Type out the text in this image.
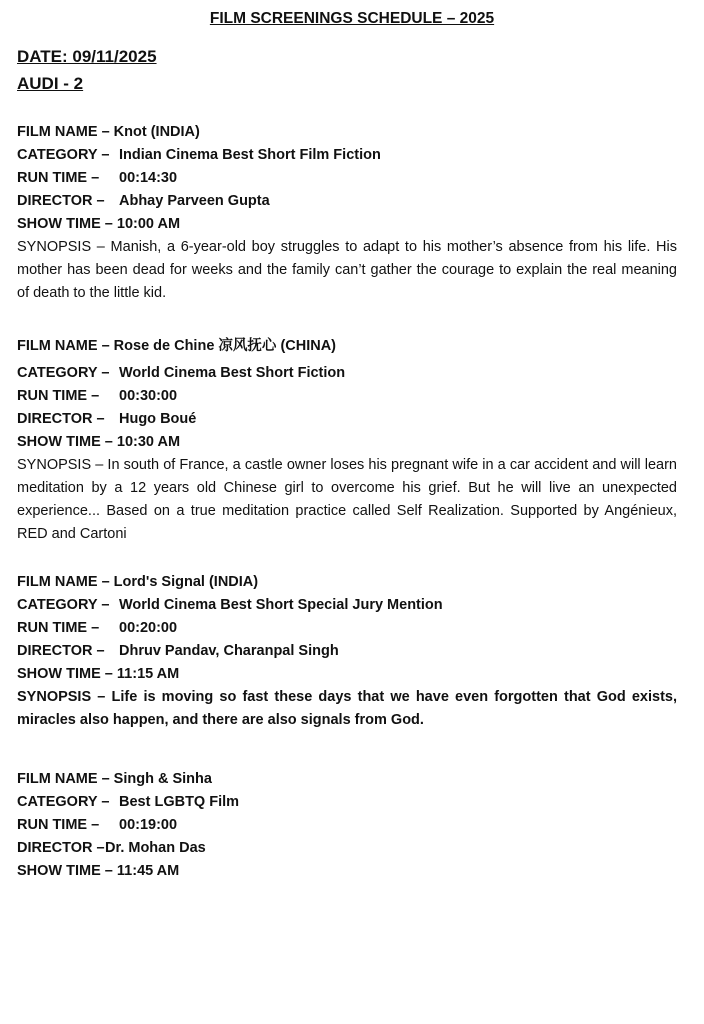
FILM SCREENINGS SCHEDULE – 2025
DATE: 09/11/2025
AUDI - 2
FILM NAME – Knot (INDIA)
CATEGORY – Indian Cinema Best Short Film Fiction
RUN TIME – 00:14:30
DIRECTOR – Abhay Parveen Gupta
SHOW TIME – 10:00 AM
SYNOPSIS – Manish, a 6-year-old boy struggles to adapt to his mother’s absence from his life. His mother has been dead for weeks and the family can’t gather the courage to explain the real meaning of death to the little kid.
FILM NAME – Rose de Chine 凉风抚心 (CHINA)
CATEGORY – World Cinema Best Short Fiction
RUN TIME – 00:30:00
DIRECTOR – Hugo Boué
SHOW TIME – 10:30 AM
SYNOPSIS – In south of France, a castle owner loses his pregnant wife in a car accident and will learn meditation by a 12 years old Chinese girl to overcome his grief. But he will live an unexpected experience... Based on a true meditation practice called Self Realization. Supported by Angénieux, RED and Cartoni
FILM NAME – Lord's Signal (INDIA)
CATEGORY – World Cinema Best Short Special Jury Mention
RUN TIME – 00:20:00
DIRECTOR – Dhruv Pandav, Charanpal Singh
SHOW TIME – 11:15 AM
SYNOPSIS – Life is moving so fast these days that we have even forgotten that God exists, miracles also happen, and there are also signals from God.
FILM NAME – Singh & Sinha
CATEGORY – Best LGBTQ Film
RUN TIME – 00:19:00
DIRECTOR –Dr. Mohan Das
SHOW TIME – 11:45 AM
